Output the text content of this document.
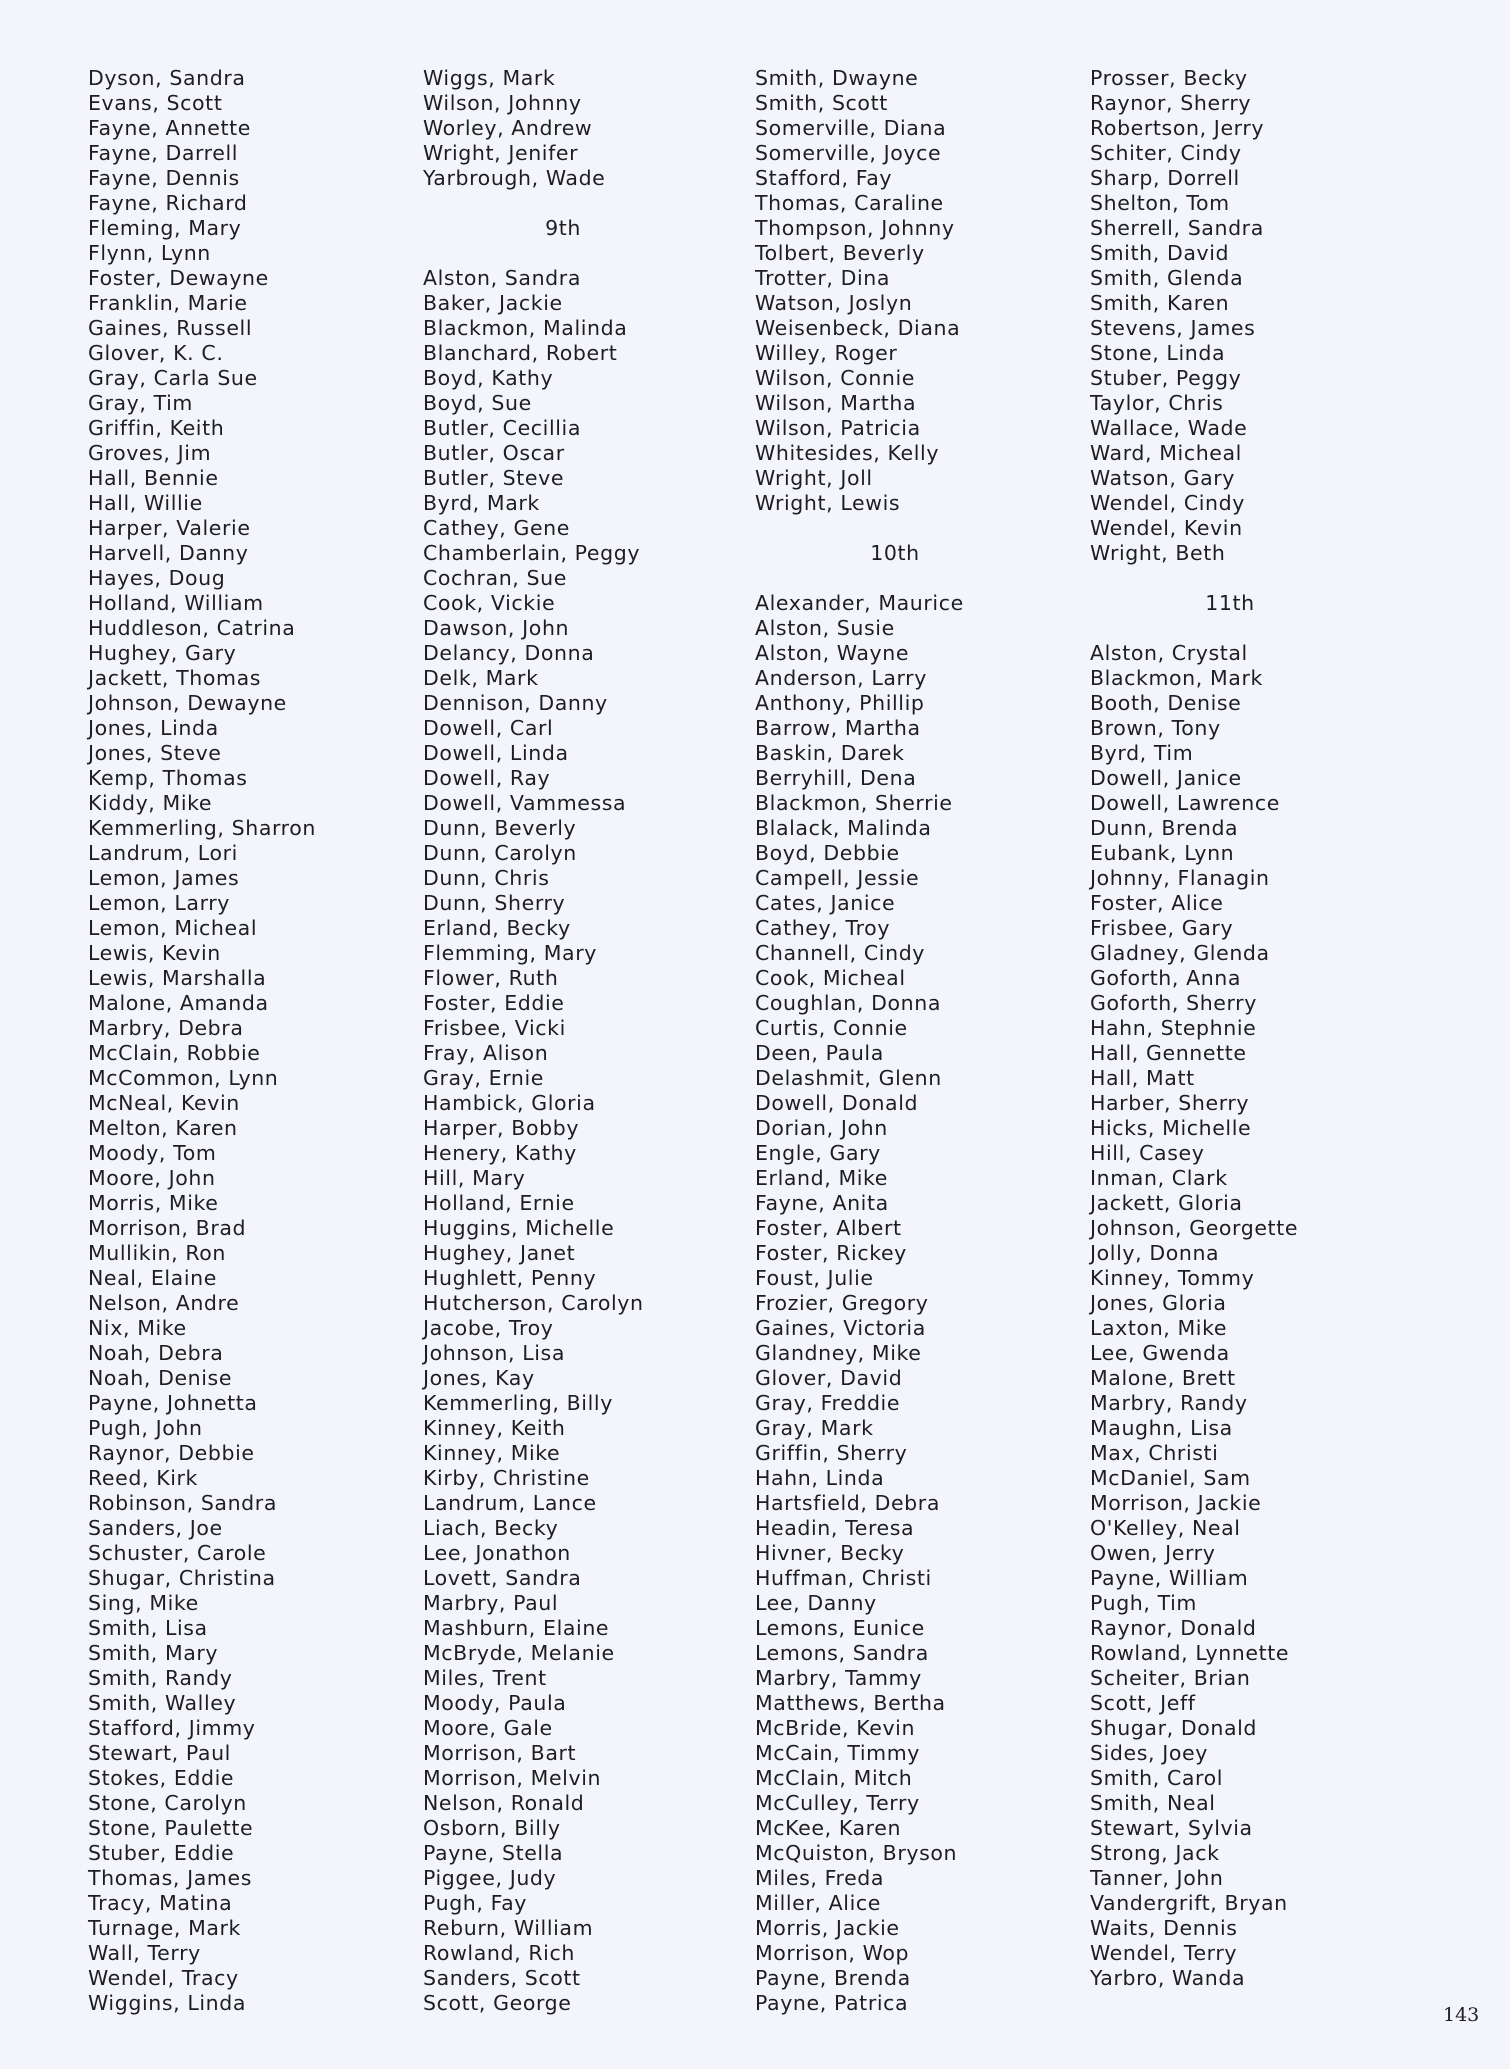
Dyson, Sandra
Evans, Scott
Fayne, Annette
Fayne, Darrell
Fayne, Dennis
Fayne, Richard
Fleming, Mary
Flynn, Lynn
Foster, Dewayne
Franklin, Marie
Gaines, Russell
Glover, K. C.
Gray, Carla Sue
Gray, Tim
Griffin, Keith
Groves, Jim
Hall, Bennie
Hall, Willie
Harper, Valerie
Harvell, Danny
Hayes, Doug
Holland, William
Huddleson, Catrina
Hughey, Gary
Jackett, Thomas
Johnson, Dewayne
Jones, Linda
Jones, Steve
Kemp, Thomas
Kiddy, Mike
Kemmerling, Sharron
Landrum, Lori
Lemon, James
Lemon, Larry
Lemon, Micheal
Lewis, Kevin
Lewis, Marshalla
Malone, Amanda
Marbry, Debra
McClain, Robbie
McCommon, Lynn
McNeal, Kevin
Melton, Karen
Moody, Tom
Moore, John
Morris, Mike
Morrison, Brad
Mullikin, Ron
Neal, Elaine
Nelson, Andre
Nix, Mike
Noah, Debra
Noah, Denise
Payne, Johnetta
Pugh, John
Raynor, Debbie
Reed, Kirk
Robinson, Sandra
Sanders, Joe
Schuster, Carole
Shugar, Christina
Sing, Mike
Smith, Lisa
Smith, Mary
Smith, Randy
Smith, Walley
Stafford, Jimmy
Stewart, Paul
Stokes, Eddie
Stone, Carolyn
Stone, Paulette
Stuber, Eddie
Thomas, James
Tracy, Matina
Turnage, Mark
Wall, Terry
Wendel, Tracy
Wiggins, Linda
Wiggs, Mark
Wilson, Johnny
Worley, Andrew
Wright, Jenifer
Yarbrough, Wade
9th
Alston, Sandra
Baker, Jackie
Blackmon, Malinda
Blanchard, Robert
Boyd, Kathy
Boyd, Sue
Butler, Cecillia
Butler, Oscar
Butler, Steve
Byrd, Mark
Cathey, Gene
Chamberlain, Peggy
Cochran, Sue
Cook, Vickie
Dawson, John
Delancy, Donna
Delk, Mark
Dennison, Danny
Dowell, Carl
Dowell, Linda
Dowell, Ray
Dowell, Vammessa
Dunn, Beverly
Dunn, Carolyn
Dunn, Chris
Dunn, Sherry
Erland, Becky
Flemming, Mary
Flower, Ruth
Foster, Eddie
Frisbee, Vicki
Fray, Alison
Gray, Ernie
Hambick, Gloria
Harper, Bobby
Henery, Kathy
Hill, Mary
Holland, Ernie
Huggins, Michelle
Hughey, Janet
Hughlett, Penny
Hutcherson, Carolyn
Jacobe, Troy
Johnson, Lisa
Jones, Kay
Kemmerling, Billy
Kinney, Keith
Kinney, Mike
Kirby, Christine
Landrum, Lance
Liach, Becky
Lee, Jonathon
Lovett, Sandra
Marbry, Paul
Mashburn, Elaine
McBryde, Melanie
Miles, Trent
Moody, Paula
Moore, Gale
Morrison, Bart
Morrison, Melvin
Nelson, Ronald
Osborn, Billy
Payne, Stella
Piggee, Judy
Pugh, Fay
Reburn, William
Rowland, Rich
Sanders, Scott
Scott, George
Smith, Dwayne
Smith, Scott
Somerville, Diana
Somerville, Joyce
Stafford, Fay
Thomas, Caraline
Thompson, Johnny
Tolbert, Beverly
Trotter, Dina
Watson, Joslyn
Weisenbeck, Diana
Willey, Roger
Wilson, Connie
Wilson, Martha
Wilson, Patricia
Whitesides, Kelly
Wright, Joll
Wright, Lewis
10th
Alexander, Maurice
Alston, Susie
Alston, Wayne
Anderson, Larry
Anthony, Phillip
Barrow, Martha
Baskin, Darek
Berryhill, Dena
Blackmon, Sherrie
Blalack, Malinda
Boyd, Debbie
Campell, Jessie
Cates, Janice
Cathey, Troy
Channell, Cindy
Cook, Micheal
Coughlan, Donna
Curtis, Connie
Deen, Paula
Delashmit, Glenn
Dowell, Donald
Dorian, John
Engle, Gary
Erland, Mike
Fayne, Anita
Foster, Albert
Foster, Rickey
Foust, Julie
Frozier, Gregory
Gaines, Victoria
Glandney, Mike
Glover, David
Gray, Freddie
Gray, Mark
Griffin, Sherry
Hahn, Linda
Hartsfield, Debra
Headin, Teresa
Hivner, Becky
Huffman, Christi
Lee, Danny
Lemons, Eunice
Lemons, Sandra
Marbry, Tammy
Matthews, Bertha
McBride, Kevin
McCain, Timmy
McClain, Mitch
McCulley, Terry
McKee, Karen
McQuiston, Bryson
Miles, Freda
Miller, Alice
Morris, Jackie
Morrison, Wop
Payne, Brenda
Payne, Patrica
Prosser, Becky
Raynor, Sherry
Robertson, Jerry
Schiter, Cindy
Sharp, Dorrell
Shelton, Tom
Sherrell, Sandra
Smith, David
Smith, Glenda
Smith, Karen
Stevens, James
Stone, Linda
Stuber, Peggy
Taylor, Chris
Wallace, Wade
Ward, Micheal
Watson, Gary
Wendel, Cindy
Wendel, Kevin
Wright, Beth
11th
Alston, Crystal
Blackmon, Mark
Booth, Denise
Brown, Tony
Byrd, Tim
Dowell, Janice
Dowell, Lawrence
Dunn, Brenda
Eubank, Lynn
Johnny, Flanagin
Foster, Alice
Frisbee, Gary
Gladney, Glenda
Goforth, Anna
Goforth, Sherry
Hahn, Stephnie
Hall, Gennette
Hall, Matt
Harber, Sherry
Hicks, Michelle
Hill, Casey
Inman, Clark
Jackett, Gloria
Johnson, Georgette
Jolly, Donna
Kinney, Tommy
Jones, Gloria
Laxton, Mike
Lee, Gwenda
Malone, Brett
Marbry, Randy
Maughn, Lisa
Max, Christi
McDaniel, Sam
Morrison, Jackie
O'Kelley, Neal
Owen, Jerry
Payne, William
Pugh, Tim
Raynor, Donald
Rowland, Lynnette
Scheiter, Brian
Scott, Jeff
Shugar, Donald
Sides, Joey
Smith, Carol
Smith, Neal
Stewart, Sylvia
Strong, Jack
Tanner, John
Vandergrift, Bryan
Waits, Dennis
Wendel, Terry
Yarbro, Wanda
143
